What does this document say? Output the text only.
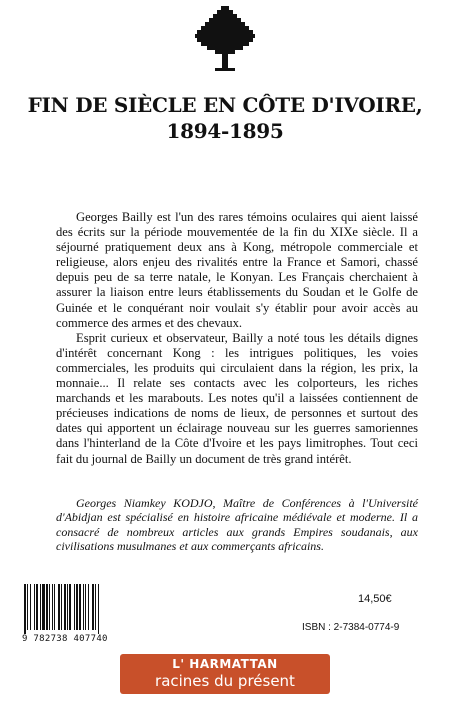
FIN DE SIÈCLE EN CÔTE D'IVOIRE,
1894-1895

Georges Bailly est l'un des rares témoins oculaires qui aient laissé des écrits sur la période mouvementée de la fin du XIXe siècle. Il a séjourné pratiquement deux ans à Kong, métropole commerciale et religieuse, alors enjeu des rivalités entre la France et Samori, chassé depuis peu de sa terre natale, le Konyan. Les Français cherchaient à assurer la liaison entre leurs établissements du Soudan et le Golfe de Guinée et le conquérant noir voulait s'y établir pour avoir accès au commerce des armes et des chevaux.

Esprit curieux et observateur, Bailly a noté tous les détails dignes d'intérêt concernant Kong : les intrigues politiques, les voies commerciales, les produits qui circulaient dans la région, les prix, la monnaie... Il relate ses contacts avec les colporteurs, les riches marchands et les marabouts. Les notes qu'il a laissées contiennent de précieuses indications de noms de lieux, de personnes et surtout des dates qui apportent un éclairage nouveau sur les guerres samoriennes dans l'hinterland de la Côte d'Ivoire et les pays limitrophes. Tout ceci fait du journal de Bailly un document de très grand intérêt.

Georges Niamkey KODJO, Maître de Conférences à l'Université d'Abidjan est spécialisé en histoire africaine médiévale et moderne. Il a consacré de nombreux articles aux grands Empires soudanais, aux civilisations musulmanes et aux commerçants africains.
9 782738 407740
14,50€
ISBN : 2-7384-0774-9
L' HARMATTAN
racines du présent
